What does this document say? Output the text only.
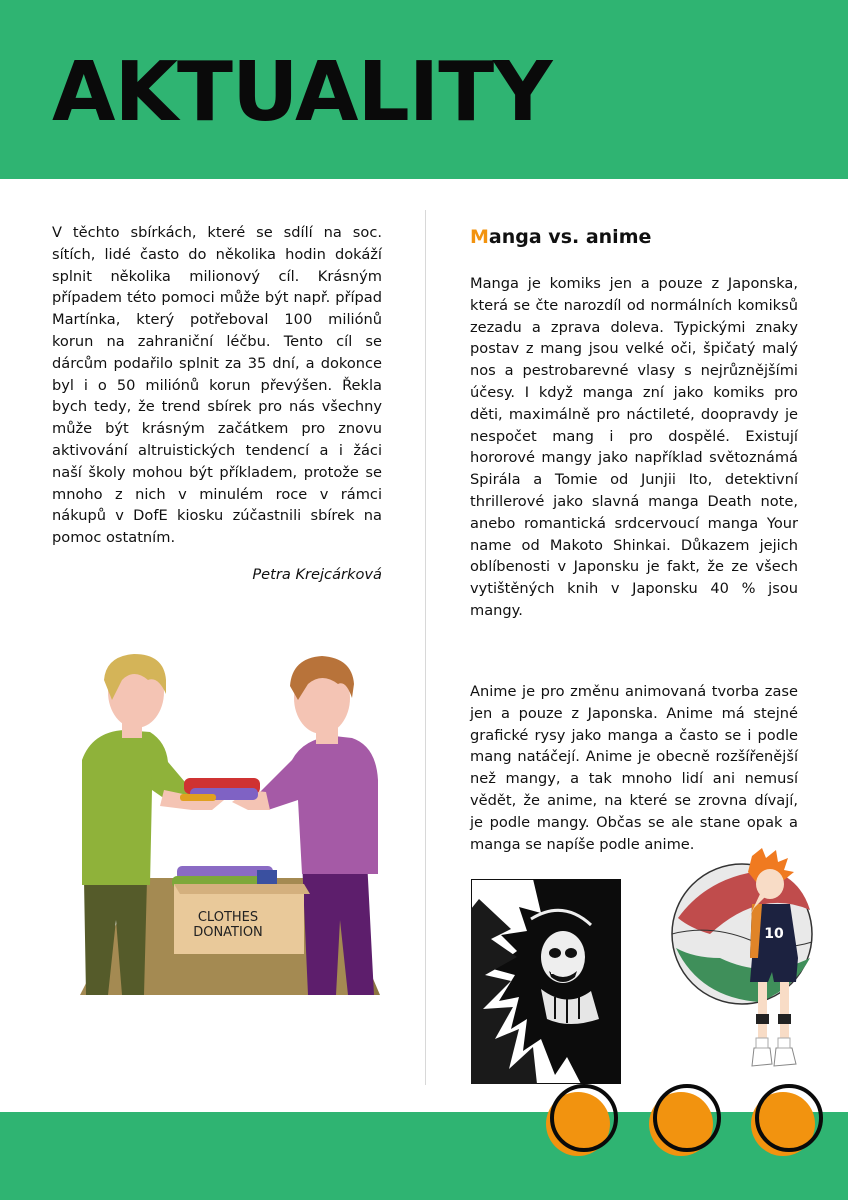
AKTUALITY

V těchto sbírkách, které se sdílí na soc. sítích, lidé často do několika hodin dokáží splnit několika milionový cíl. Krásným případem této pomoci může být např. případ Martínka, který potřeboval 100 miliónů korun na zahraniční léčbu. Tento cíl se dárcům podařilo splnit za 35 dní, a dokonce byl i o 50 miliónů korun převýšen. Řekla bych tedy, že trend sbírek pro nás všechny může být krásným začátkem pro znovu aktivování altruistických tendencí a i žáci naší školy mohou být příkladem, protože se mnoho z nich v minulém roce v rámci nákupů v DofE kiosku zúčastnili sbírek na pomoc ostatním.

Petra Krejcárková

CLOTHES
DONATION
Manga vs. anime

Manga je komiks jen a pouze z Japonska, která se čte narozdíl od normálních komiksů zezadu a zprava doleva. Typickými znaky postav z mang jsou velké oči, špičatý malý nos a pestrobarevné vlasy s nejrůznějšími účesy. I když manga zní jako komiks pro děti, maximálně pro náctileté, doopravdy je nespočet mang i pro dospělé. Existují hororové mangy jako například světoznámá Spirála a Tomie od Junjii Ito, detektivní thrillerové jako slavná manga Death note, anebo romantická srdcervoucí manga Your name od Makoto Shinkai. Důkazem jejich oblíbenosti v Japonsku je fakt, že ze všech vytištěných knih v Japonsku 40 % jsou mangy.

Anime je pro změnu animovaná tvorba zase jen a pouze z Japonska. Anime má stejné grafické rysy jako manga a často se i podle mang natáčejí. Anime je obecně rozšířenější než mangy, a tak mnoho lidí ani nemusí vědět, že anime, na které se zrovna dívají, je podle mangy. Občas se ale stane opak a manga se napíše podle anime.

10
